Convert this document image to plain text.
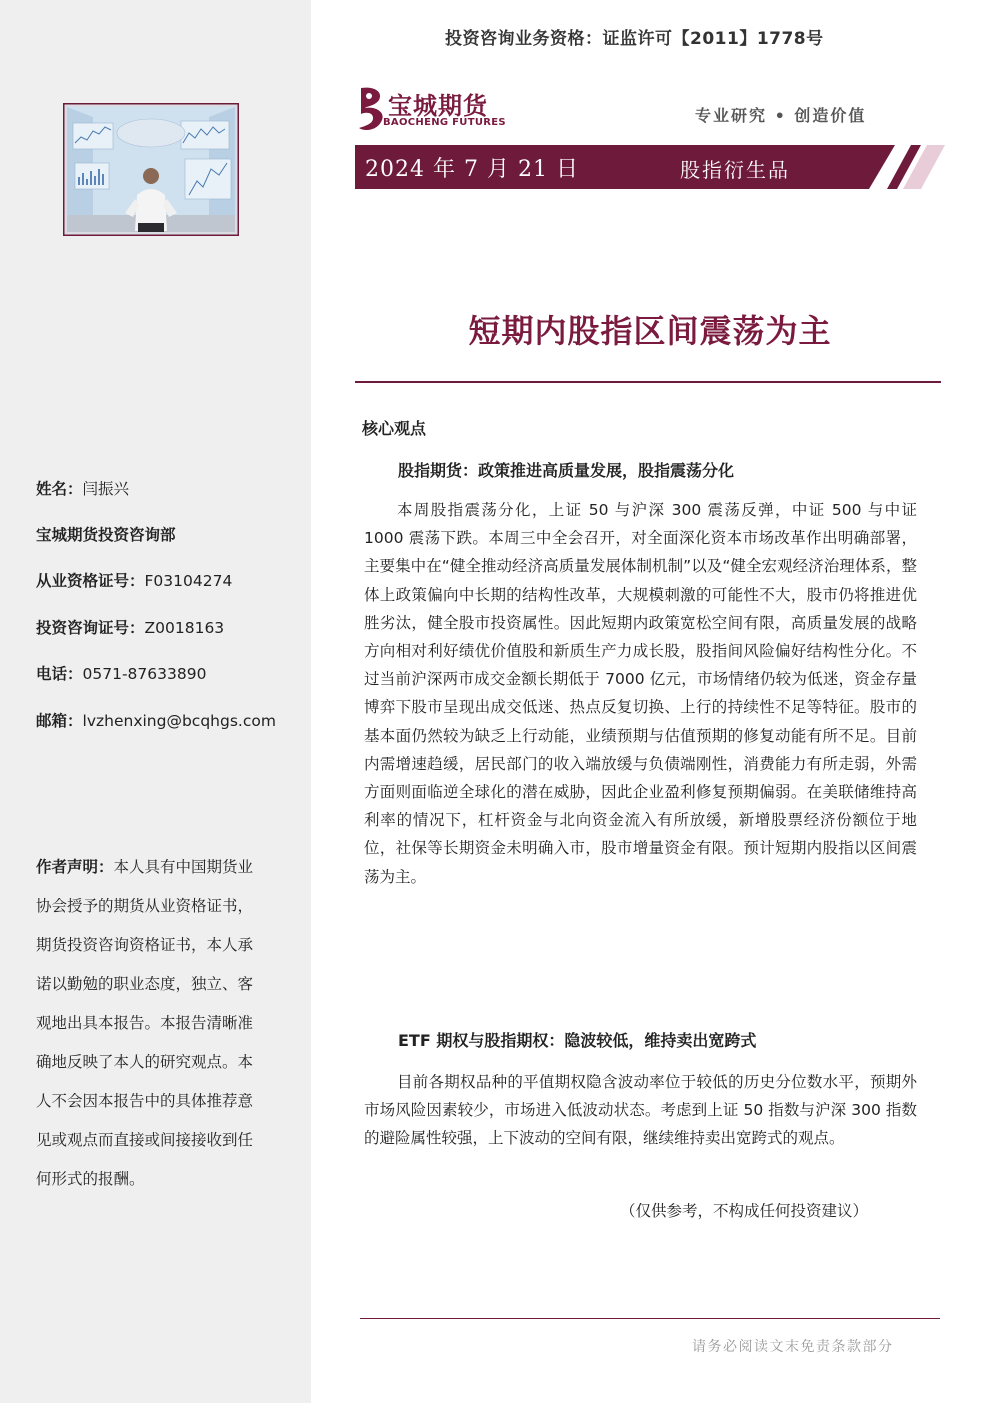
姓名：闫振兴
宝城期货投资咨询部
从业资格证号：F03104274
投资咨询证号：Z0018163
电话：0571-87633890
邮箱：lvzhenxing@bcqhgs.com
作者声明：本人具有中国期货业协会授予的期货从业资格证书，期货投资咨询资格证书，本人承诺以勤勉的职业态度，独立、客观地出具本报告。本报告清晰准确地反映了本人的研究观点。本人不会因本报告中的具体推荐意见或观点而直接或间接接收到任何形式的报酬。
投资咨询业务资格：证监许可【2011】1778号
宝城期货
BAOCHENG FUTURES	专业研究 • 创造价值
2024 年 7 月 21 日	股指衍生品
短期内股指区间震荡为主
核心观点
股指期货：政策推进高质量发展，股指震荡分化
本周股指震荡分化，上证 50 与沪深 300 震荡反弹，中证 500 与中证 1000 震荡下跌。本周三中全会召开，对全面深化资本市场改革作出明确部署，主要集中在“健全推动经济高质量发展体制机制”以及“健全宏观经济治理体系，整体上政策偏向中长期的结构性改革，大规模刺激的可能性不大，股市仍将推进优胜劣汰，健全股市投资属性。因此短期内政策宽松空间有限，高质量发展的战略方向相对利好绩优价值股和新质生产力成长股，股指间风险偏好结构性分化。不过当前沪深两市成交金额长期低于 7000 亿元，市场情绪仍较为低迷，资金存量博弈下股市呈现出成交低迷、热点反复切换、上行的持续性不足等特征。股市的基本面仍然较为缺乏上行动能，业绩预期与估值预期的修复动能有所不足。目前内需增速趋缓，居民部门的收入端放缓与负债端刚性，消费能力有所走弱，外需方面则面临逆全球化的潜在威胁，因此企业盈利修复预期偏弱。在美联储维持高利率的情况下，杠杆资金与北向资金流入有所放缓，新增股票经济份额位于地位，社保等长期资金未明确入市，股市增量资金有限。预计短期内股指以区间震荡为主。
ETF 期权与股指期权：隐波较低，维持卖出宽跨式
目前各期权品种的平值期权隐含波动率位于较低的历史分位数水平，预期外市场风险因素较少，市场进入低波动状态。考虑到上证 50 指数与沪深 300 指数的避险属性较强，上下波动的空间有限，继续维持卖出宽跨式的观点。
（仅供参考，不构成任何投资建议）
请务必阅读文末免责条款部分
